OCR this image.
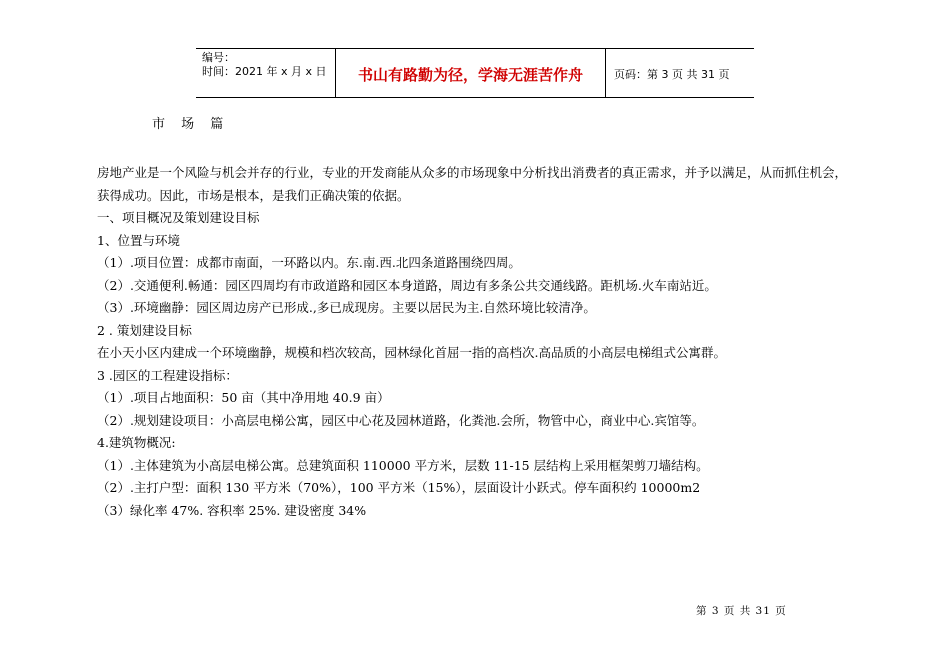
编号：
时间：2021 年 x 月 x 日	书山有路勤为径，学海无涯苦作舟	页码：第 3 页 共 31 页
市 场 篇

房地产业是一个风险与机会并存的行业，专业的开发商能从众多的市场现象中分析找出消费者的真正需求，并予以满足，从而抓住机会，获得成功。因此，市场是根本，是我们正确决策的依据。

一、项目概况及策划建设目标

1、位置与环境

（1）.项目位置：成都市南面，一环路以内。东.南.西.北四条道路围绕四周。

（2）.交通便利.畅通：园区四周均有市政道路和园区本身道路，周边有多条公共交通线路。距机场.火车南站近。

（3）.环境幽静：园区周边房产已形成.,多已成现房。主要以居民为主.自然环境比较清净。

2 . 策划建设目标

在小天小区内建成一个环境幽静，规模和档次较高，园林绿化首屈一指的高档次.高品质的小高层电梯组式公寓群。

3 .园区的工程建设指标：

（1）.项目占地面积：50 亩（其中净用地 40.9 亩）

（2）.规划建设项目：小高层电梯公寓，园区中心花及园林道路，化粪池.会所，物管中心，商业中心.宾馆等。

4.建筑物概况:

（1）.主体建筑为小高层电梯公寓。总建筑面积 110000 平方米，层数 11-15 层结构上采用框架剪刀墙结构。

（2）.主打户型：面积 130 平方米（70%），100 平方米（15%），层面设计小跃式。停车面积约 10000m2

（3）绿化率 47%. 容积率 25%. 建设密度 34%

第 3 页 共 31 页
